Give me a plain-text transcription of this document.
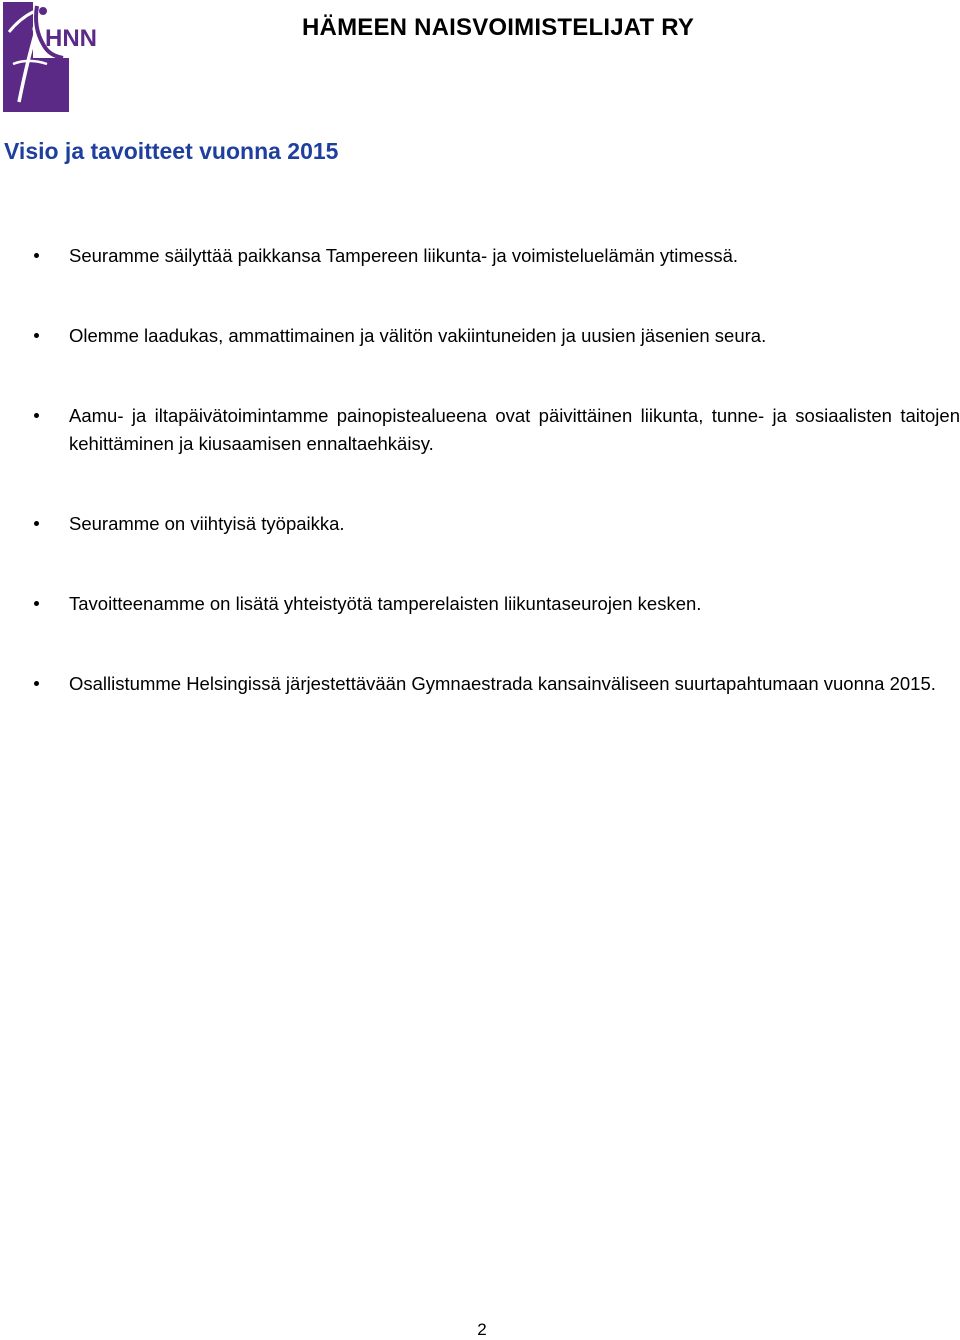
HNN	HÄMEEN NAISVOIMISTELIJAT RY
Visio ja tavoitteet vuonna 2015
Seuramme säilyttää paikkansa Tampereen liikunta- ja voimisteluelämän ytimessä.
Olemme laadukas, ammattimainen ja välitön vakiintuneiden ja uusien jäsenien seura.
Aamu- ja iltapäivätoimintamme painopistealueena ovat päivittäinen liikunta, tunne- ja sosiaalisten taitojen kehittäminen ja kiusaamisen ennaltaehkäisy.
Seuramme on viihtyisä työpaikka.
Tavoitteenamme on lisätä yhteistyötä tamperelaisten liikuntaseurojen kesken.
Osallistumme Helsingissä järjestettävään Gymnaestrada kansainväliseen suurtapahtumaan vuonna 2015.
2
